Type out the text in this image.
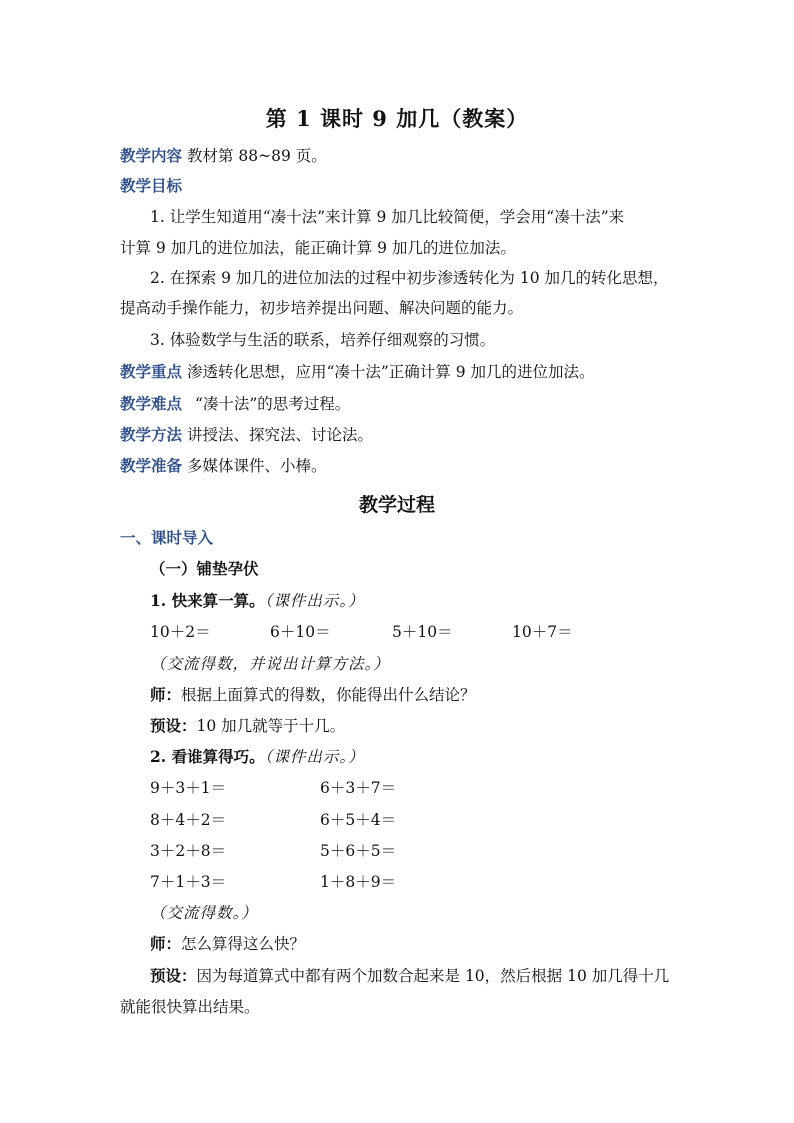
第 1 课时 9 加几（教案）
教学内容 教材第 88~89 页。
教学目标
1. 让学生知道用“凑十法”来计算 9 加几比较简便，学会用“凑十法”来
计算 9 加几的进位加法，能正确计算 9 加几的进位加法。
2. 在探索 9 加几的进位加法的过程中初步渗透转化为 10 加几的转化思想，
提高动手操作能力，初步培养提出问题、解决问题的能力。
3. 体验数学与生活的联系，培养仔细观察的习惯。
教学重点 渗透转化思想，应用“凑十法”正确计算 9 加几的进位加法。
教学难点 “凑十法”的思考过程。
教学方法 讲授法、探究法、讨论法。
教学准备 多媒体课件、小棒。
教学过程
一、课时导入
（一）铺垫孕伏
1. 快来算一算。（课件出示。）
10＋2＝	6＋10＝	5＋10＝	10＋7＝
（交流得数，并说出计算方法。）
师：根据上面算式的得数，你能得出什么结论？
预设：10 加几就等于十几。
2. 看谁算得巧。（课件出示。）
9＋3＋1＝	6＋3＋7＝
8＋4＋2＝	6＋5＋4＝
3＋2＋8＝	5＋6＋5＝
7＋1＋3＝	1＋8＋9＝
（交流得数。）
师：怎么算得这么快？
预设：因为每道算式中都有两个加数合起来是 10，然后根据 10 加几得十几
就能很快算出结果。
